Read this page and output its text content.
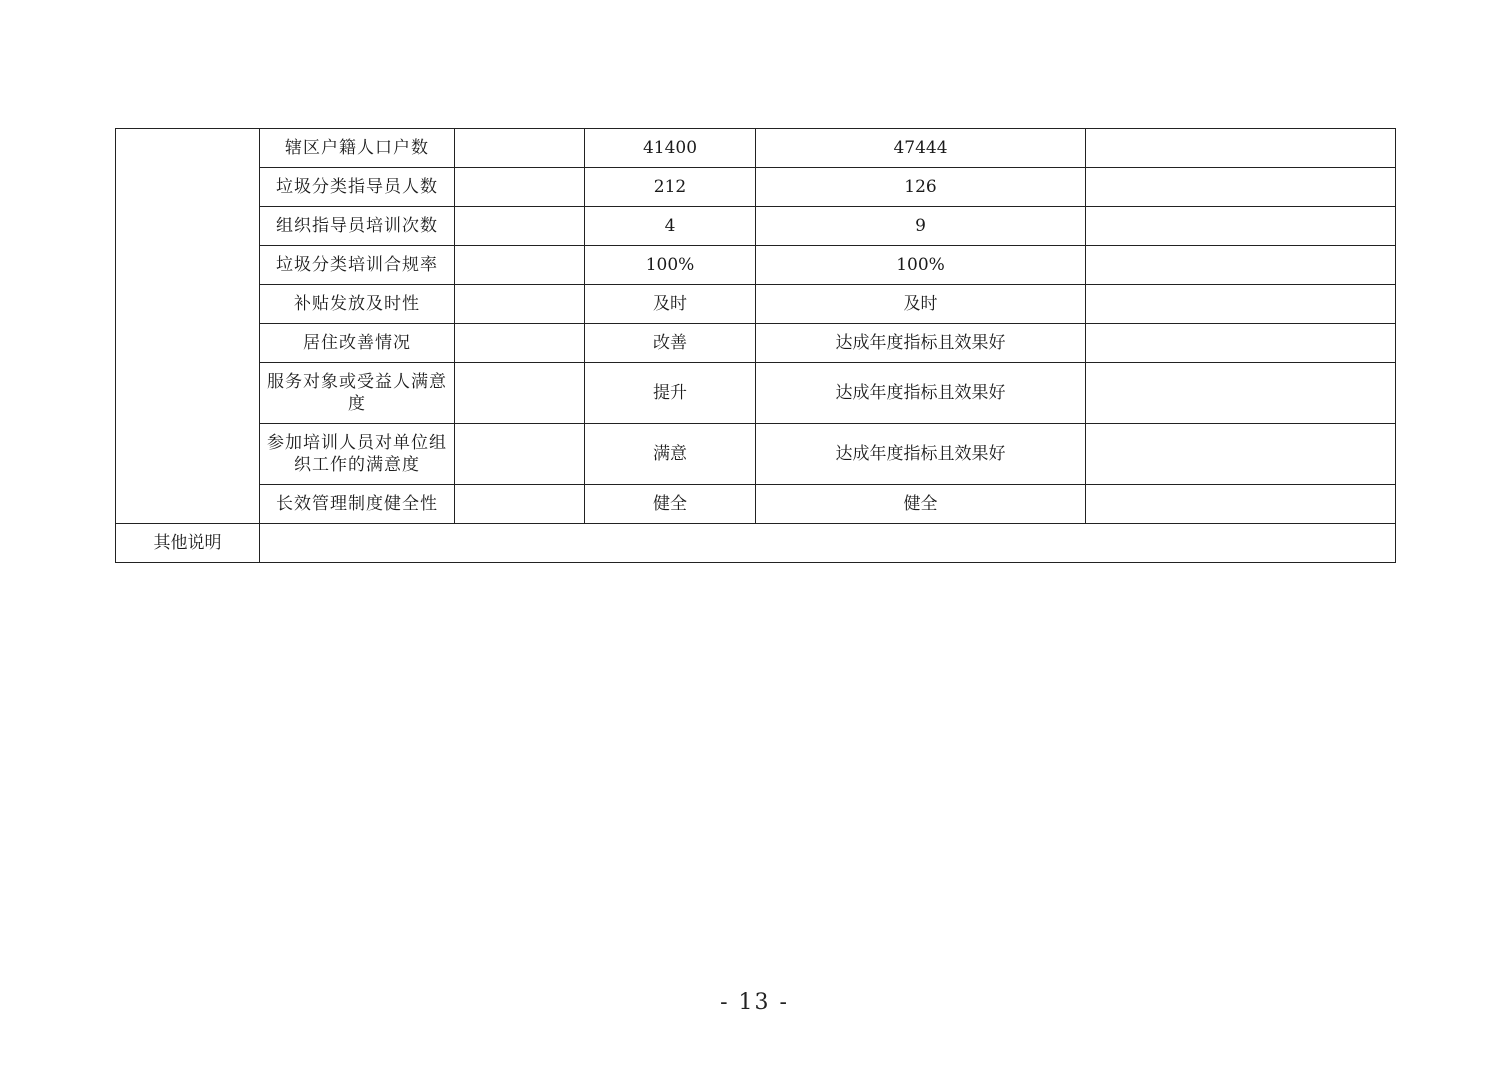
	辖区户籍人口户数		41400	47444	
	垃圾分类指导员人数		212	126	
	组织指导员培训次数		4	9	
	垃圾分类培训合规率		100%	100%	
	补贴发放及时性		及时	及时	
	居住改善情况		改善	达成年度指标且效果好	
	服务对象或受益人满意度		提升	达成年度指标且效果好	
	参加培训人员对单位组织工作的满意度		满意	达成年度指标且效果好	
	长效管理制度健全性		健全	健全	
其他说明					
- 13 -
